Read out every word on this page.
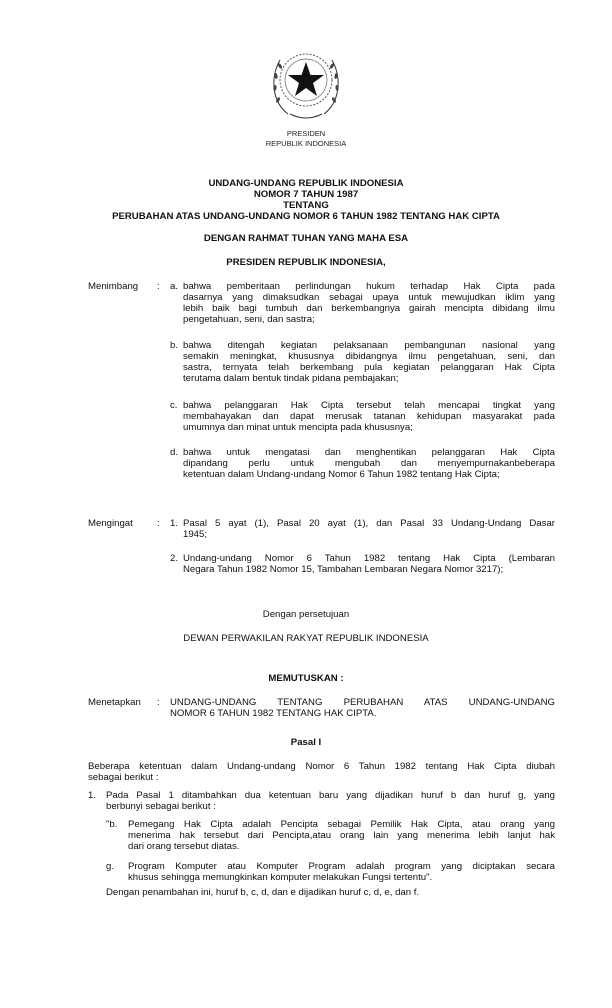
PRESIDEN
REPUBLIK INDONESIA
UNDANG-UNDANG REPUBLIK INDONESIA
NOMOR 7 TAHUN 1987
TENTANG
PERUBAHAN ATAS UNDANG-UNDANG NOMOR 6 TAHUN 1982 TENTANG HAK CIPTA
DENGAN RAHMAT TUHAN YANG MAHA ESA
PRESIDEN REPUBLIK INDONESIA,
Menimbang : a. bahwa pemberitaan perlindungan hukum terhadap Hak Cipta pada
dasarnya yang dimaksudkan sebagai upaya untuk mewujudkan iklim yang
lebih baik bagi tumbuh dan berkembangnya gairah mencipta dibidang ilmu
pengetahuan, seni, dan sastra;
b. bahwa ditengah kegiatan pelaksanaan pembangunan nasional yang
semakin meningkat, khususnya dibidangnya ilmu pengetahuan, seni, dan
sastra, ternyata telah berkembang pula kegiatan pelanggaran Hak Cipta
terutama dalam bentuk tindak pidana pembajakan;
c. bahwa pelanggaran Hak Cipta tersebut telah mencapai tingkat yang
membahayakan dan dapat merusak tatanan kehidupan masyarakat pada
umumnya dan minat untuk mencipta pada khususnya;
d. bahwa untuk mengatasi dan menghentikan pelanggaran Hak Cipta
dipandang perlu untuk mengubah dan menyempurnakanbeberapa
ketentuan dalam Undang-undang Nomor 6 Tahun 1982 tentang Hak Cipta;
Mengingat	: 1. Pasal 5 ayat (1), Pasal 20 ayat (1), dan Pasal 33 Undang-Undang Dasar
1945;
2. Undang-undang Nomor 6 Tahun 1982 tentang Hak Cipta (Lembaran
Negara Tahun 1982 Nomor 15, Tambahan Lembaran Negara Nomor 3217);
Dengan persetujuan
DEWAN PERWAKILAN RAKYAT REPUBLIK INDONESIA
MEMUTUSKAN :
Menetapkan : UNDANG-UNDANG TENTANG PERUBAHAN ATAS UNDANG-UNDANG
NOMOR 6 TAHUN 1982 TENTANG HAK CIPTA.
Pasal I
Beberapa ketentuan dalam Undang-undang Nomor 6 Tahun 1982 tentang Hak Cipta diubah
sebagai berikut :
1. Pada Pasal 1 ditambahkan dua ketentuan baru yang dijadikan huruf b dan huruf g, yang
berbunyi sebagai berikut :
"b. Pemegang Hak Cipta adalah Pencipta sebagai Pemilik Hak Cipta, atau orang yang
menerima hak tersebut dari Pencipta,atau orang lain yang menerima lebih lanjut hak
dari orang tersebut diatas.
g. Program Komputer atau Komputer Program adalah program yang diciptakan secara
khusus sehingga memungkinkan komputer melakukan Fungsi tertentu".
Dengan penambahan ini, huruf b, c, d, dan e dijadikan huruf c, d, e, dan f.
